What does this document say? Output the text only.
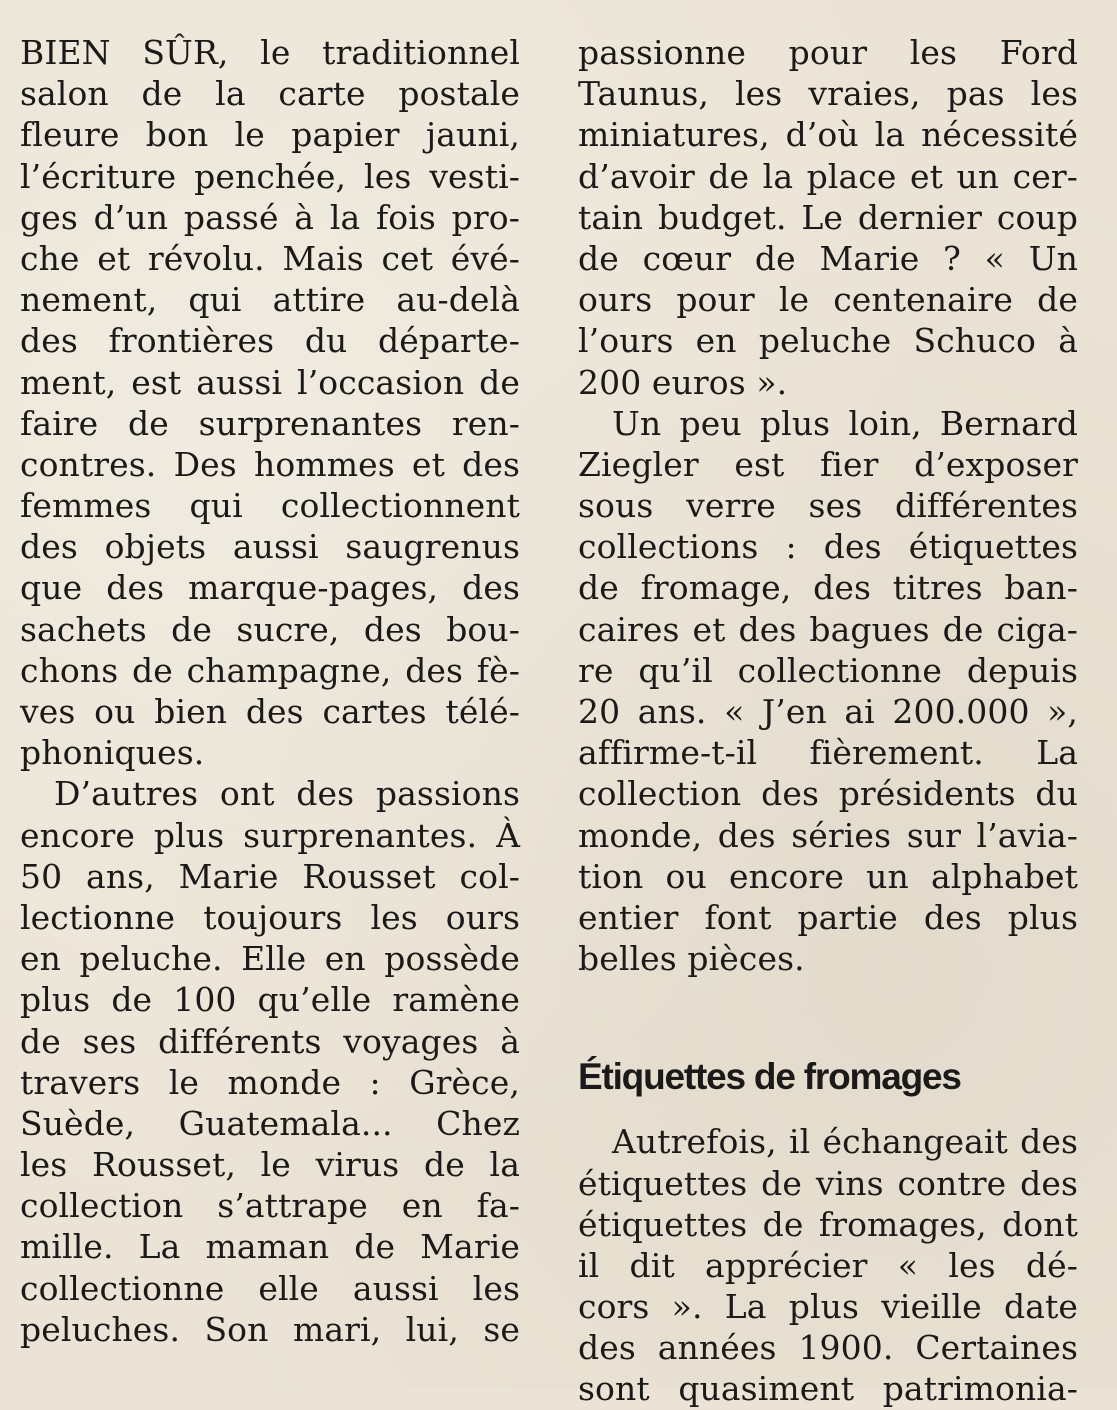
BIEN SÛR, le traditionnel
salon de la carte postale
fleure bon le papier jauni,
l’écriture penchée, les vesti-
ges d’un passé à la fois pro-
che et révolu. Mais cet évé-
nement, qui attire au-delà
des frontières du départe-
ment, est aussi l’occasion de
faire de surprenantes ren-
contres. Des hommes et des
femmes qui collectionnent
des objets aussi saugrenus
que des marque-pages, des
sachets de sucre, des bou-
chons de champagne, des fè-
ves ou bien des cartes télé-
phoniques.
D’autres ont des passions
encore plus surprenantes. À
50 ans, Marie Rousset col-
lectionne toujours les ours
en peluche. Elle en possède
plus de 100 qu’elle ramène
de ses différents voyages à
travers le monde : Grèce,
Suède, Guatemala... Chez
les Rousset, le virus de la
collection s’attrape en fa-
mille. La maman de Marie
collectionne elle aussi les
peluches. Son mari, lui, se
passionne pour les Ford
Taunus, les vraies, pas les
miniatures, d’où la nécessité
d’avoir de la place et un cer-
tain budget. Le dernier coup
de cœur de Marie ? « Un
ours pour le centenaire de
l’ours en peluche Schuco à
200 euros ».
Un peu plus loin, Bernard
Ziegler est fier d’exposer
sous verre ses différentes
collections : des étiquettes
de fromage, des titres ban-
caires et des bagues de ciga-
re qu’il collectionne depuis
20 ans. « J’en ai 200.000 »,
affirme-t-il fièrement. La
collection des présidents du
monde, des séries sur l’avia-
tion ou encore un alphabet
entier font partie des plus
belles pièces.
Étiquettes de fromages
Autrefois, il échangeait des
étiquettes de vins contre des
étiquettes de fromages, dont
il dit apprécier « les dé-
cors ». La plus vieille date
des années 1900. Certaines
sont quasiment patrimonia-
